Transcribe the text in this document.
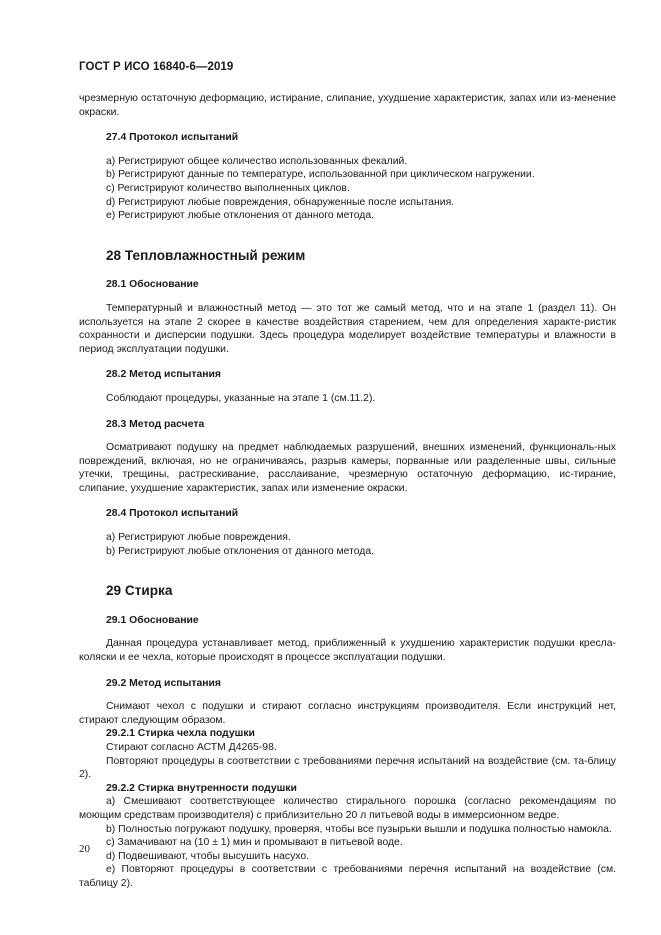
ГОСТ Р ИСО 16840-6—2019

чрезмерную остаточную деформацию, истирание, слипание, ухудшение характеристик, запах или из-менение окраски.

27.4 Протокол испытаний

а) Регистрируют общее количество использованных фекалий.

b) Регистрируют данные по температуре, использованной при циклическом нагружении.

c) Регистрируют количество выполненных циклов.

d) Регистрируют любые повреждения, обнаруженные после испытания.

e) Регистрируют любые отклонения от данного метода.

28 Тепловлажностный режим

28.1 Обоснование

Температурный и влажностный метод — это тот же самый метод, что и на этапе 1 (раздел 11). Он используется на этапе 2 скорее в качестве воздействия старением, чем для определения характе-ристик сохранности и дисперсии подушки. Здесь процедура моделирует воздействие температуры и влажности в период эксплуатации подушки.

28.2 Метод испытания

Соблюдают процедуры, указанные на этапе 1 (см.11.2).

28.3 Метод расчета

Осматривают подушку на предмет наблюдаемых разрушений, внешних изменений, функциональ-ных повреждений, включая, но не ограничиваясь, разрыв камеры, порванные или разделенные швы, сильные утечки, трещины, растрескивание, расслаивание, чрезмерную остаточную деформацию, ис-тирание, слипание, ухудшение характеристик, запах или изменение окраски.

28.4 Протокол испытаний

а) Регистрируют любые повреждения.

b) Регистрируют любые отклонения от данного метода.

29 Стирка

29.1 Обоснование

Данная процедура устанавливает метод, приближенный к ухудшению характеристик подушки кресла-коляски и ее чехла, которые происходят в процессе эксплуатации подушки.

29.2 Метод испытания

Снимают чехол с подушки и стирают согласно инструкциям производителя. Если инструкций нет, стирают следующим образом.

29.2.1 Стирка чехла подушки

Стирают согласно АСТМ Д4265-98.

Повторяют процедуры в соответствии с требованиями перечня испытаний на воздействие (см. та-блицу 2).

29.2.2 Стирка внутренности подушки

а) Смешивают соответствующее количество стирального порошка (согласно рекомендациям по моющим средствам производителя) с приблизительно 20 л питьевой воды в иммерсионном ведре.

b) Полностью погружают подушку, проверяя, чтобы все пузырьки вышли и подушка полностью намокла.

c) Замачивают на (10 ± 1) мин и промывают в питьевой воде.

d) Подвешивают, чтобы высушить насухо.

e) Повторяют процедуры в соответствии с требованиями перечня испытаний на воздействие (см. таблицу 2).

20
